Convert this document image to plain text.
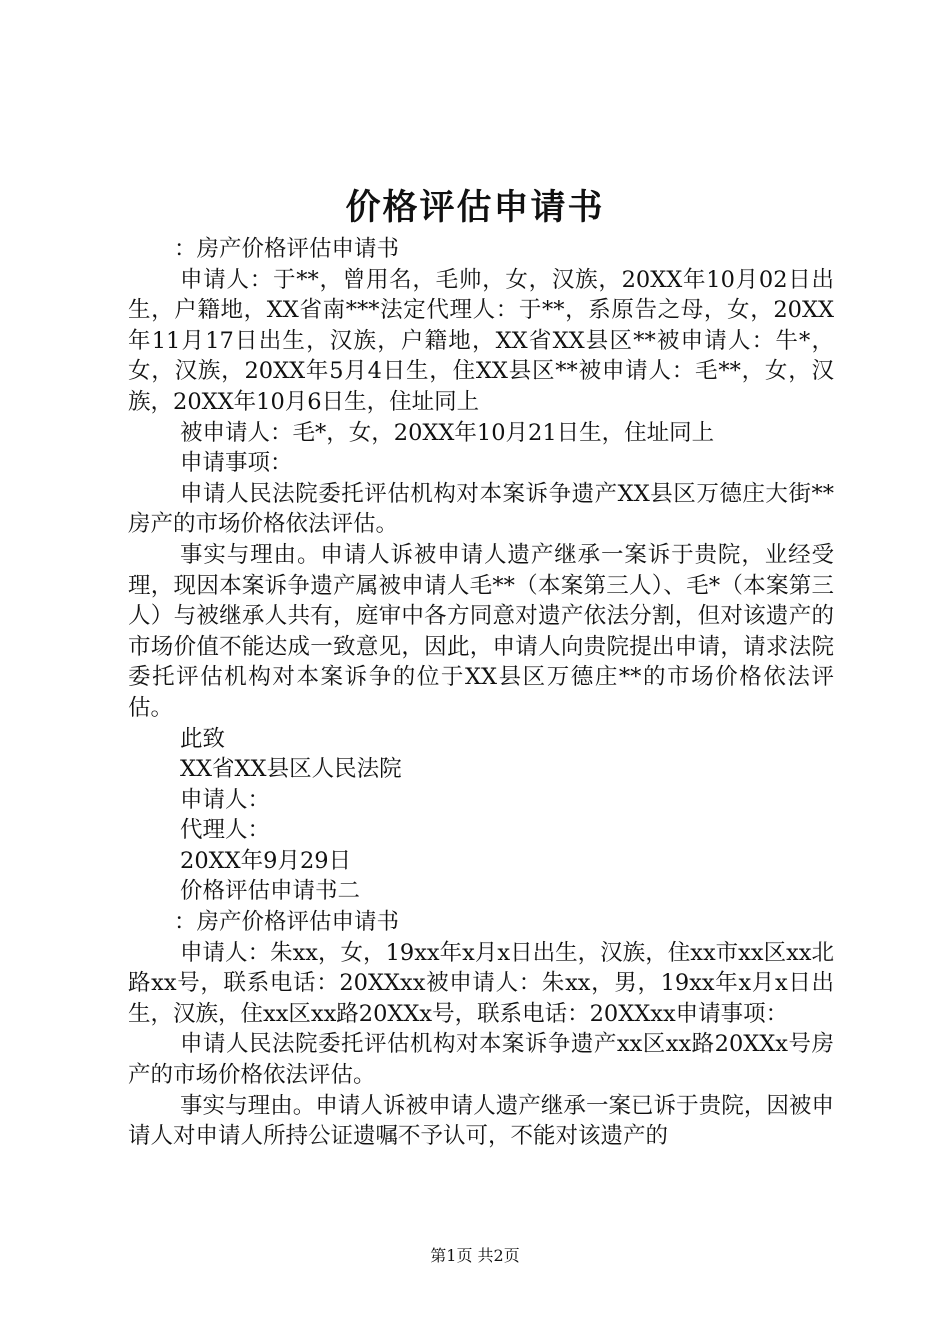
价格评估申请书

：房产价格评估申请书

申请人：于**，曾用名，毛帅，女，汉族，20XX年10月02日出生，户籍地，XX省南***法定代理人：于**，系原告之母，女，20XX年11月17日出生，汉族，户籍地，XX省XX县区**被申请人：牛*，女，汉族，20XX年5月4日生，住XX县区**被申请人：毛**，女，汉族，20XX年10月6日生，住址同上

被申请人：毛*，女，20XX年10月21日生，住址同上

申请事项：

申请人民法院委托评估机构对本案诉争遗产XX县区万德庄大街**房产的市场价格依法评估。

事实与理由。申请人诉被申请人遗产继承一案诉于贵院，业经受理，现因本案诉争遗产属被申请人毛**（本案第三人）、毛*（本案第三人）与被继承人共有，庭审中各方同意对遗产依法分割，但对该遗产的市场价值不能达成一致意见，因此，申请人向贵院提出申请，请求法院委托评估机构对本案诉争的位于XX县区万德庄**的市场价格依法评估。

此致

XX省XX县区人民法院

申请人：

代理人：

20XX年9月29日

价格评估申请书二

：房产价格评估申请书

申请人：朱xx，女，19xx年x月x日出生，汉族，住xx市xx区xx北路xx号，联系电话：20XXxx被申请人：朱xx，男，19xx年x月x日出生，汉族，住xx区xx路20XXx号，联系电话：20XXxx申请事项：

申请人民法院委托评估机构对本案诉争遗产xx区xx路20XXx号房产的市场价格依法评估。

事实与理由。申请人诉被申请人遗产继承一案已诉于贵院，因被申请人对申请人所持公证遗嘱不予认可，不能对该遗产的

第1页 共2页
